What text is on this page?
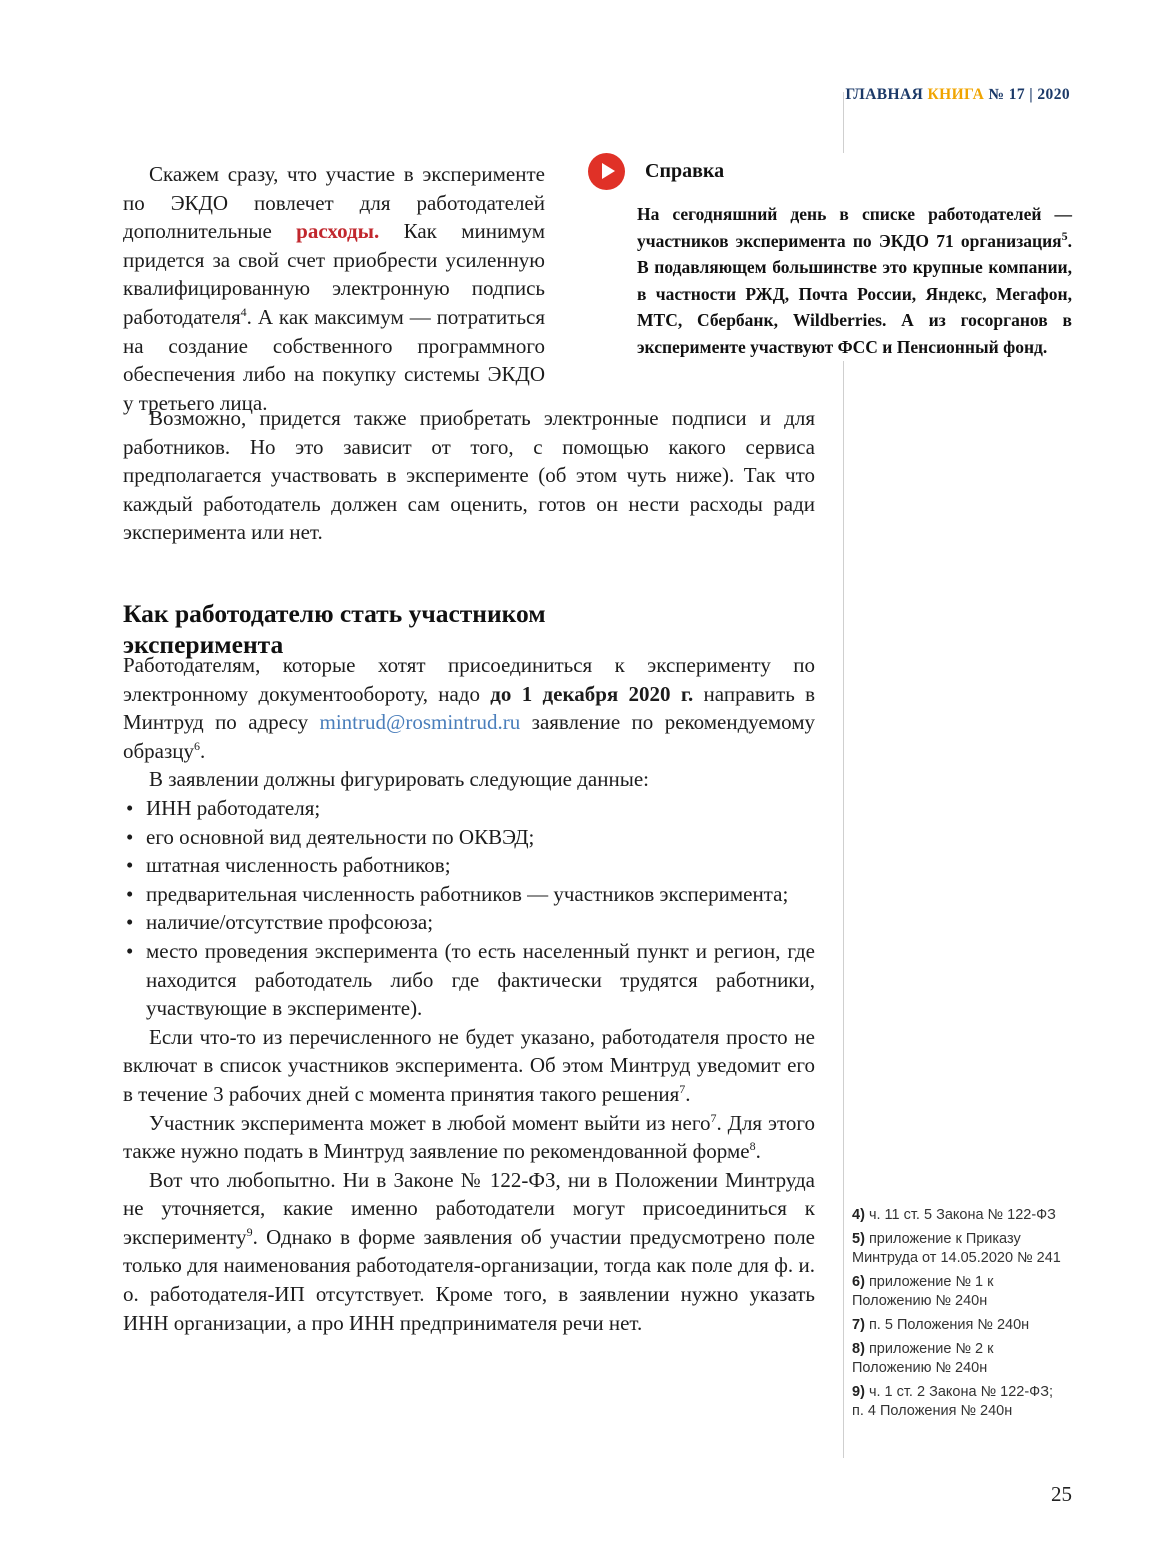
ГЛАВНАЯ КНИГА № 17 | 2020

Скажем сразу, что участие в эксперименте по ЭКДО повлечет для работодателей дополнительные расходы. Как минимум придется за свой счет приобрести усиленную квалифицированную электронную подпись работодателя$^4$. А как максимум — потратиться на создание собственного программного обеспечения либо на покупку системы ЭКДО у третьего лица.

Справка

На сегодняшний день в списке работодателей — участников эксперимента по ЭКДО 71 организация$^5$. В подавляющем большинстве это крупные компании, в частности РЖД, Почта России, Яндекс, Мегафон, МТС, Сбербанк, Wildberries. А из госорганов в эксперименте участвуют ФСС и Пенсионный фонд.

Возможно, придется также приобретать электронные подписи и для работников. Но это зависит от того, с помощью какого сервиса предполагается участвовать в эксперименте (об этом чуть ниже). Так что каждый работодатель должен сам оценить, готов он нести расходы ради эксперимента или нет.

Как работодателю стать участником
эксперимента

Работодателям, которые хотят присоединиться к эксперименту по электронному документообороту, надо до 1 декабря 2020 г. направить в Минтруд по адресу mintrud@rosmintrud.ru заявление по рекомендуемому образцу$^6$.

В заявлении должны фигурировать следующие данные:

• ИНН работодателя;
• его основной вид деятельности по ОКВЭД;
• штатная численность работников;
• предварительная численность работников — участников эксперимента;
• наличие/отсутствие профсоюза;
• место проведения эксперимента (то есть населенный пункт и регион, где находится работодатель либо где фактически трудятся работники, участвующие в эксперименте).

Если что-то из перечисленного не будет указано, работодателя просто не включат в список участников эксперимента. Об этом Минтруд уведомит его в течение 3 рабочих дней с момента принятия такого решения$^7$.

Участник эксперимента может в любой момент выйти из него$^7$. Для этого также нужно подать в Минтруд заявление по рекомендованной форме$^8$.

Вот что любопытно. Ни в Законе № 122-ФЗ, ни в Положении Минтруда не уточняется, какие именно работодатели могут присоединиться к эксперименту$^9$. Однако в форме заявления об участии предусмотрено поле только для наименования работодателя-организации, тогда как поле для ф. и. о. работодателя-ИП отсутствует. Кроме того, в заявлении нужно указать ИНН организации, а про ИНН предпринимателя речи нет.

4) ч. 11 ст. 5 Закона № 122-ФЗ

5) приложение к Приказу Минтруда от 14.05.2020 № 241

6) приложение № 1 к Положению № 240н

7) п. 5 Положения № 240н

8) приложение № 2 к Положению № 240н

9) ч. 1 ст. 2 Закона № 122-ФЗ; п. 4 Положения № 240н

25
